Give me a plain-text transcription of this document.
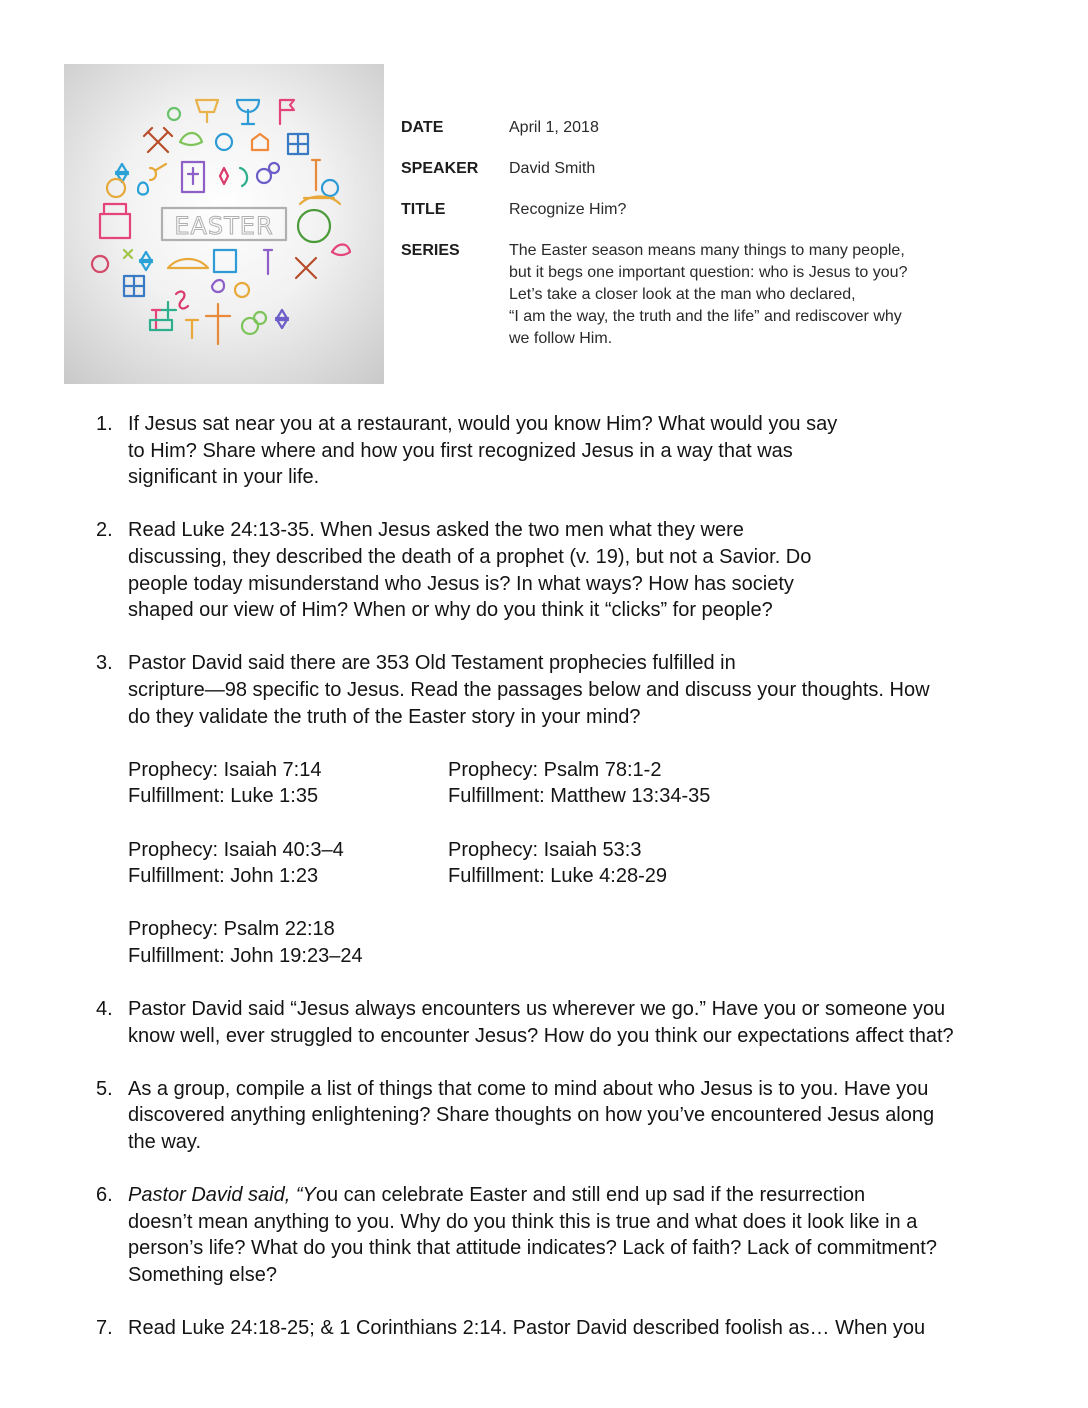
EASTER
DATE	April 1, 2018
SPEAKER	David Smith
TITLE	Recognize Him?
SERIES	The Easter season means many things to many people,
but it begs one important question: who is Jesus to you?
Let’s take a closer look at the man who declared,
“I am the way, the truth and the life” and rediscover why
we follow Him.
1. If Jesus sat near you at a restaurant, would you know Him? What would you say
to Him? Share where and how you first recognized Jesus in a way that was
significant in your life.
2. Read Luke 24:13-35. When Jesus asked the two men what they were
discussing, they described the death of a prophet (v. 19), but not a Savior. Do
people today misunderstand who Jesus is? In what ways? How has society
shaped our view of Him? When or why do you think it “clicks” for people?
3. Pastor David said there are 353 Old Testament prophecies fulfilled in
scripture—98 specific to Jesus. Read the passages below and discuss your thoughts. How
do they validate the truth of the Easter story in your mind?
Prophecy: Isaiah 7:14
Fulfillment: Luke 1:35
Prophecy: Psalm 78:1-2
Fulfillment: Matthew 13:34-35
Prophecy: Isaiah 40:3–4
Fulfillment: John 1:23
Prophecy: Isaiah 53:3
Fulfillment: Luke 4:28-29
Prophecy: Psalm 22:18
Fulfillment: John 19:23–24
4. Pastor David said “Jesus always encounters us wherever we go.” Have you or someone you
know well, ever struggled to encounter Jesus? How do you think our expectations affect that?
5. As a group, compile a list of things that come to mind about who Jesus is to you. Have you
discovered anything enlightening? Share thoughts on how you’ve encountered Jesus along
the way.
6. Pastor David said, “You can celebrate Easter and still end up sad if the resurrection
doesn’t mean anything to you. Why do you think this is true and what does it look like in a
person’s life? What do you think that attitude indicates? Lack of faith? Lack of commitment?
Something else?
7. Read Luke 24:18-25; & 1 Corinthians 2:14. Pastor David described foolish as… When you
